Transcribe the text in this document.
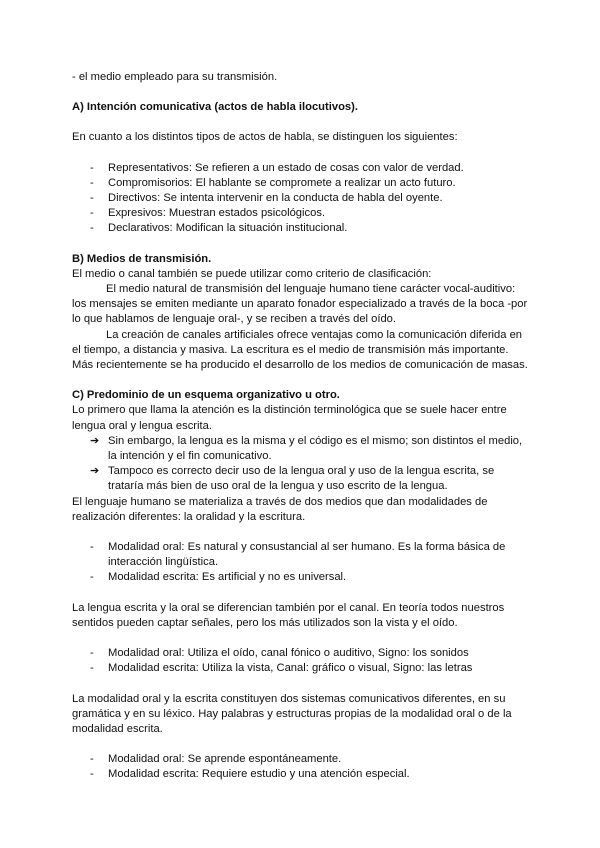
- el medio empleado para su transmisión.

A) Intención comunicativa (actos de habla ilocutivos).

En cuanto a los distintos tipos de actos de habla, se distinguen los siguientes:

- Representativos: Se refieren a un estado de cosas con valor de verdad.
- Compromisorios: El hablante se compromete a realizar un acto futuro.
- Directivos: Se intenta intervenir en la conducta de habla del oyente.
- Expresivos: Muestran estados psicológicos.
- Declarativos: Modifican la situación institucional.

B) Medios de transmisión.

El medio o canal también se puede utilizar como criterio de clasificación:

El medio natural de transmisión del lenguaje humano tiene carácter vocal-auditivo: los mensajes se emiten mediante un aparato fonador especializado a través de la boca -por lo que hablamos de lenguaje oral-, y se reciben a través del oído.

La creación de canales artificiales ofrece ventajas como la comunicación diferida en el tiempo, a distancia y masiva. La escritura es el medio de transmisión más importante. Más recientemente se ha producido el desarrollo de los medios de comunicación de masas.

C) Predominio de un esquema organizativo u otro.

Lo primero que llama la atención es la distinción terminológica que se suele hacer entre lengua oral y lengua escrita.

➔ Sin embargo, la lengua es la misma y el código es el mismo; son distintos el medio, la intención y el fin comunicativo.
➔ Tampoco es correcto decir uso de la lengua oral y uso de la lengua escrita, se trataría más bien de uso oral de la lengua y uso escrito de la lengua.

El lenguaje humano se materializa a través de dos medios que dan modalidades de realización diferentes: la oralidad y la escritura.

- Modalidad oral: Es natural y consustancial al ser humano. Es la forma básica de interacción lingüística.
- Modalidad escrita: Es artificial y no es universal.

La lengua escrita y la oral se diferencian también por el canal. En teoría todos nuestros sentidos pueden captar señales, pero los más utilizados son la vista y el oído.

- Modalidad oral: Utiliza el oído, canal fónico o auditivo, Signo: los sonidos
- Modalidad escrita: Utiliza la vista, Canal: gráfico o visual, Signo: las letras

La modalidad oral y la escrita constituyen dos sistemas comunicativos diferentes, en su gramática y en su léxico. Hay palabras y estructuras propias de la modalidad oral o de la modalidad escrita.

- Modalidad oral: Se aprende espontáneamente.
- Modalidad escrita: Requiere estudio y una atención especial.
